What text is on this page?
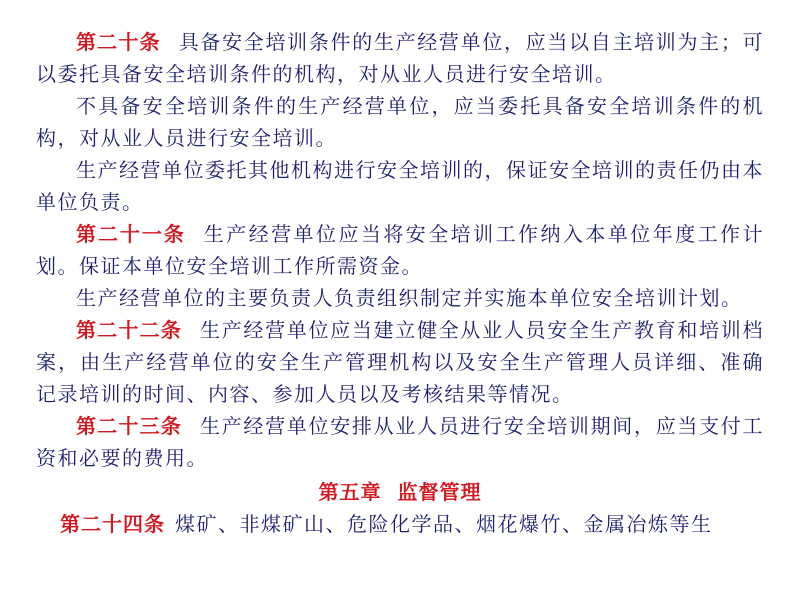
第二十条 具备安全培训条件的生产经营单位，应当以自主培训为主；可以委托具备安全培训条件的机构，对从业人员进行安全培训。

不具备安全培训条件的生产经营单位，应当委托具备安全培训条件的机构，对从业人员进行安全培训。

生产经营单位委托其他机构进行安全培训的，保证安全培训的责任仍由本单位负责。

第二十一条 生产经营单位应当将安全培训工作纳入本单位年度工作计划。保证本单位安全培训工作所需资金。

生产经营单位的主要负责人负责组织制定并实施本单位安全培训计划。

第二十二条 生产经营单位应当建立健全从业人员安全生产教育和培训档案，由生产经营单位的安全生产管理机构以及安全生产管理人员详细、准确记录培训的时间、内容、参加人员以及考核结果等情况。

第二十三条 生产经营单位安排从业人员进行安全培训期间，应当支付工资和必要的费用。

第五章  监督管理

第二十四条 煤矿、非煤矿山、危险化学品、烟花爆竹、金属冶炼等生
